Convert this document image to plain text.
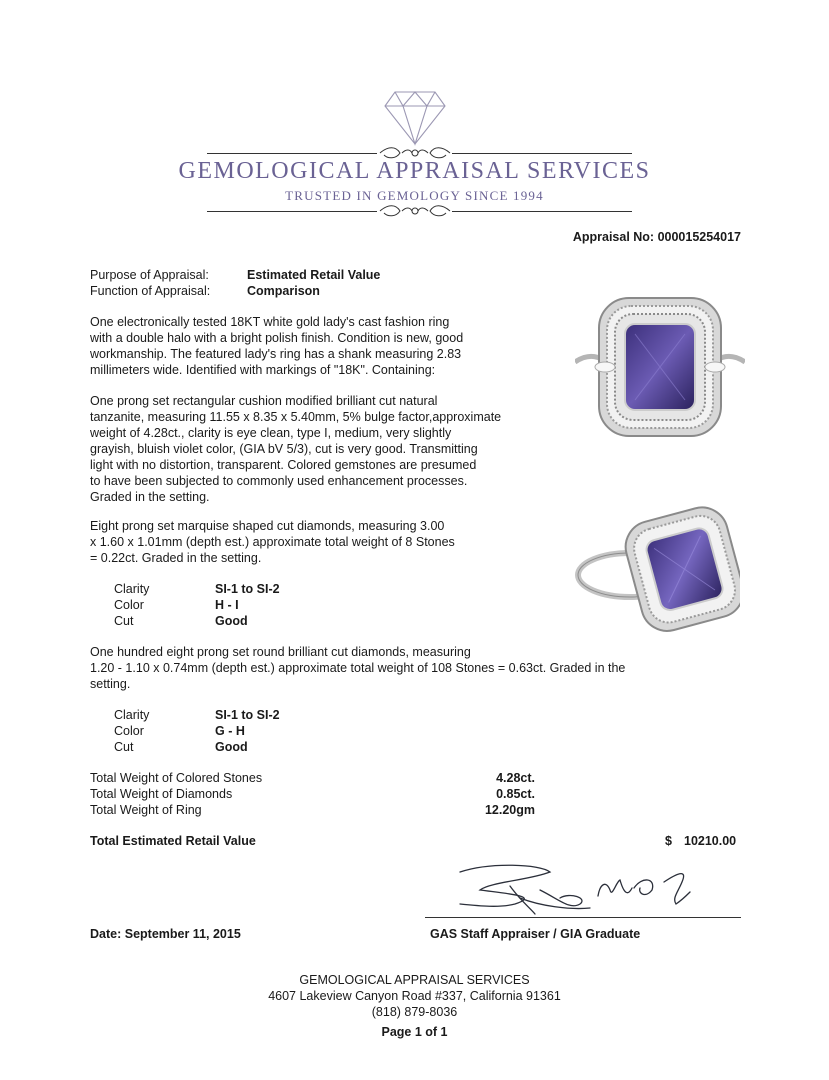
GEMOLOGICAL APPRAISAL SERVICES
TRUSTED IN GEMOLOGY SINCE 1994
Appraisal No: 000015254017
Purpose of Appraisal:	Estimated Retail Value
Function of Appraisal:	Comparison
One electronically tested 18KT white gold lady's cast fashion ring
with a double halo with a bright polish finish. Condition is new, good
workmanship. The featured lady's ring has a shank measuring 2.83
millimeters wide. Identified with markings of "18K". Containing:
One prong set rectangular cushion modified brilliant cut natural
tanzanite, measuring 11.55 x 8.35 x 5.40mm, 5% bulge factor,approximate
weight of 4.28ct., clarity is eye clean, type I, medium, very slightly
grayish, bluish violet color, (GIA bV 5/3), cut is very good. Transmitting
light with no distortion, transparent. Colored gemstones are presumed
to have been subjected to commonly used enhancement processes.
Graded in the setting.
Eight prong set marquise shaped cut diamonds, measuring 3.00
x 1.60 x 1.01mm (depth est.) approximate total weight of 8 Stones
= 0.22ct. Graded in the setting.
Clarity	SI-1 to SI-2
Color	H - I
Cut	Good
One hundred eight prong set round brilliant cut diamonds, measuring
1.20 - 1.10 x 0.74mm (depth est.) approximate total weight of 108 Stones = 0.63ct. Graded in the
setting.
Clarity	SI-1 to SI-2
Color	G - H
Cut	Good
Total Weight of Colored Stones	4.28ct.
Total Weight of Diamonds	0.85ct.
Total Weight of Ring	12.20gm
Total Estimated Retail Value	$ 10210.00
Date: September 11, 2015	GAS Staff Appraiser / GIA Graduate
GEMOLOGICAL APPRAISAL SERVICES
4607 Lakeview Canyon Road #337, California 91361
(818) 879-8036
Page 1 of 1
